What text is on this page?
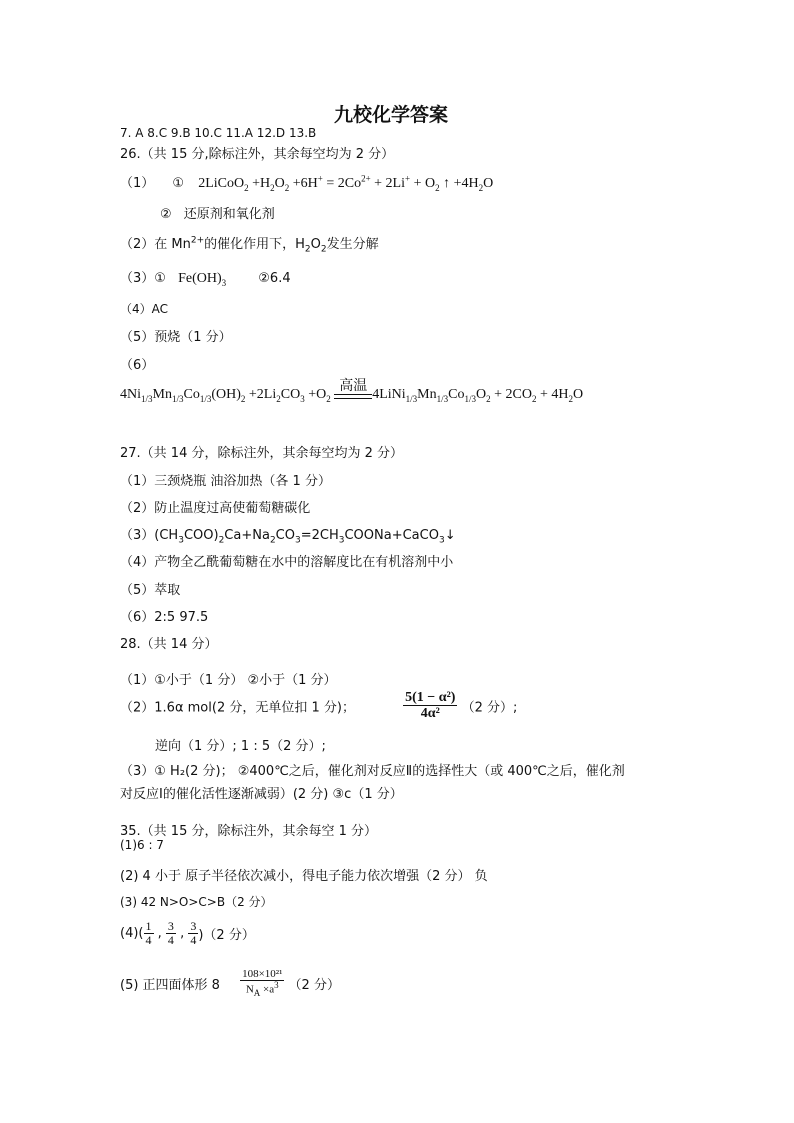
九校化学答案
7. A 8.C 9.B 10.C 11.A 12.D 13.B
26.（共 15 分,除标注外，其余每空均为 2 分）
（1） ① 2LiCoO$_2$ $+H_2O_2 +6H^+ = 2Co^{2+} + 2Li^+ + O_2$ ↑ $+4H_2O$
② 还原剂和氧化剂
（2）在 $Mn^{2+}$的催化作用下，$H_2O_2$发生分解
（3）① $Fe(OH)_3$ ②6.4
（4）AC
（5）预烧（1 分）
（6）
$4Ni_{1/3}Mn_{1/3}Co_{1/3}(OH)_2 +2Li_2CO_3 +O_2$
高温
$4LiNi_{1/3}Mn_{1/3}Co_{1/3}O_2 + 2CO_2 + 4H_2O$
27.（共 14 分，除标注外，其余每空均为 2 分）
（1）三颈烧瓶 油浴加热（各 1 分）
（2）防止温度过高使葡萄糖碳化
$(3)(CH_3COO)_2Ca+Na_2CO_3=2CH_3COONa+CaCO_3↓$
（4）产物全乙酰葡萄糖在水中的溶解度比在有机溶剂中小
（5）萃取
（6）2:5 97.5
28.（共 14 分）
（1）①小于（1 分） ②小于（1 分）
（2）1.6α mol(2 分，无单位扣 1 分)；	$\frac{\text{5(1 − α²)}}{\text{4α²}} (2$ 分）;
逆向（1 分）; 1 : 5（2 分）;
（3）① H₂(2 分)； ②400℃之后，催化剂对反应Ⅱ的选择性大（或 400℃之后，催化剂
对反应Ⅰ的催化活性逐渐减弱）(2 分) ③c（1 分）
35.（共 15 分，除标注外，其余每空 1 分）
(1)6 : 7
(2) 4 小于 原子半径依次减小，得电子能力依次增强（2 分） 负
(3) 42 N>O>C>B（2 分）
$(4)( \frac{1}{4}$ , $\frac{3}{4}$ , $\frac{3}{4} )(2$ 分）
(5) 正四面体形 $8 \frac{\text{108×10²¹}}{N_A \times a^3} (2$ 分）
